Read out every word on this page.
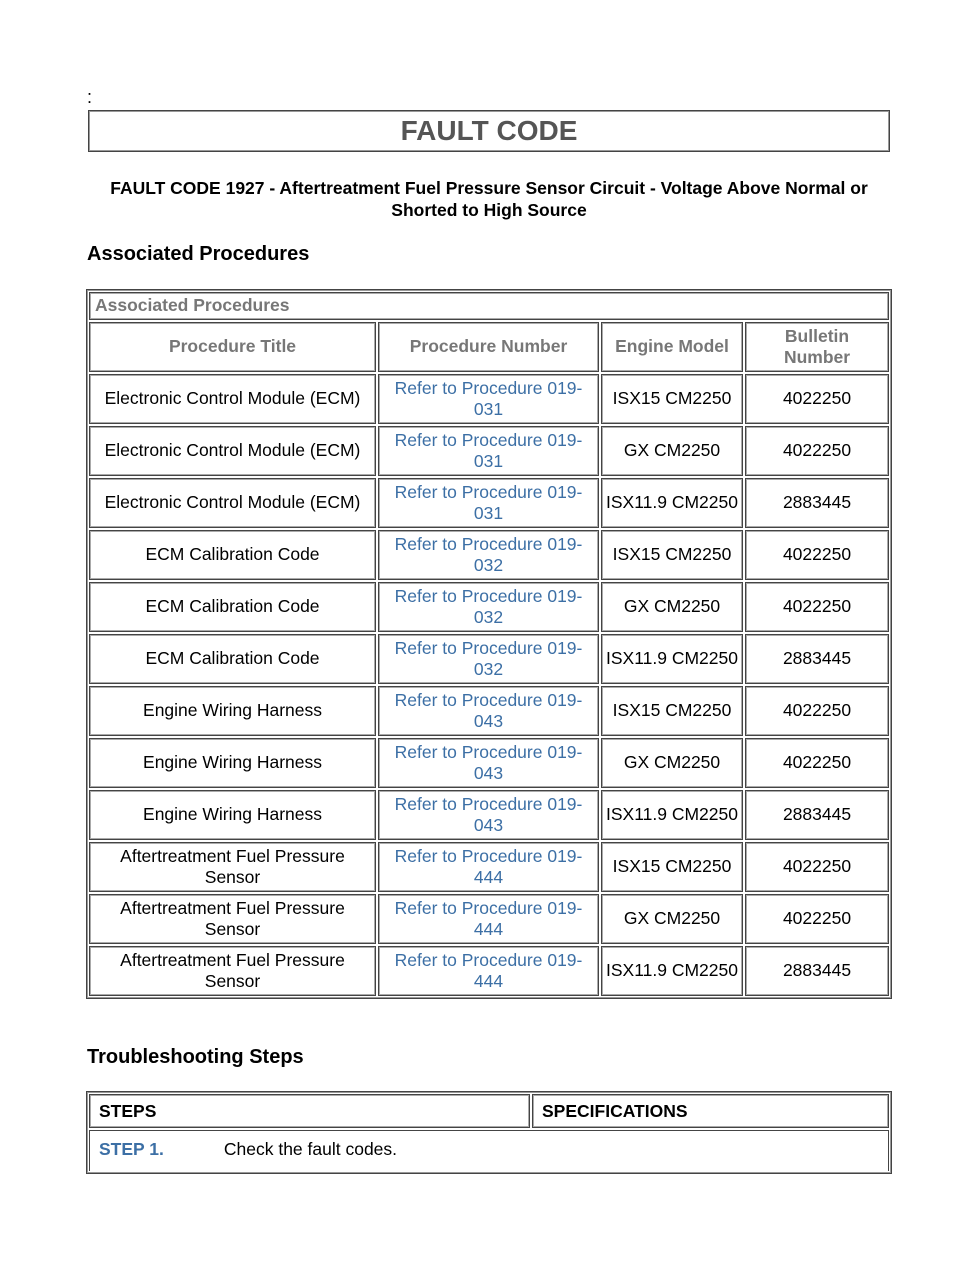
:
FAULT CODE
FAULT CODE 1927 - Aftertreatment Fuel Pressure Sensor Circuit - Voltage Above Normal or Shorted to High Source
Associated Procedures
Associated Procedures			
Procedure Title	Procedure Number	Engine Model	Bulletin Number
Electronic Control Module (ECM)	Refer to Procedure 019-031	ISX15 CM2250	4022250
Electronic Control Module (ECM)	Refer to Procedure 019-031	GX CM2250	4022250
Electronic Control Module (ECM)	Refer to Procedure 019-031	ISX11.9 CM2250	2883445
ECM Calibration Code	Refer to Procedure 019-032	ISX15 CM2250	4022250
ECM Calibration Code	Refer to Procedure 019-032	GX CM2250	4022250
ECM Calibration Code	Refer to Procedure 019-032	ISX11.9 CM2250	2883445
Engine Wiring Harness	Refer to Procedure 019-043	ISX15 CM2250	4022250
Engine Wiring Harness	Refer to Procedure 019-043	GX CM2250	4022250
Engine Wiring Harness	Refer to Procedure 019-043	ISX11.9 CM2250	2883445
Aftertreatment Fuel Pressure Sensor	Refer to Procedure 019-444	ISX15 CM2250	4022250
Aftertreatment Fuel Pressure Sensor	Refer to Procedure 019-444	GX CM2250	4022250
Aftertreatment Fuel Pressure Sensor	Refer to Procedure 019-444	ISX11.9 CM2250	2883445
Troubleshooting Steps
STEPS	SPECIFICATIONS
STEP 1.	Check the fault codes.
